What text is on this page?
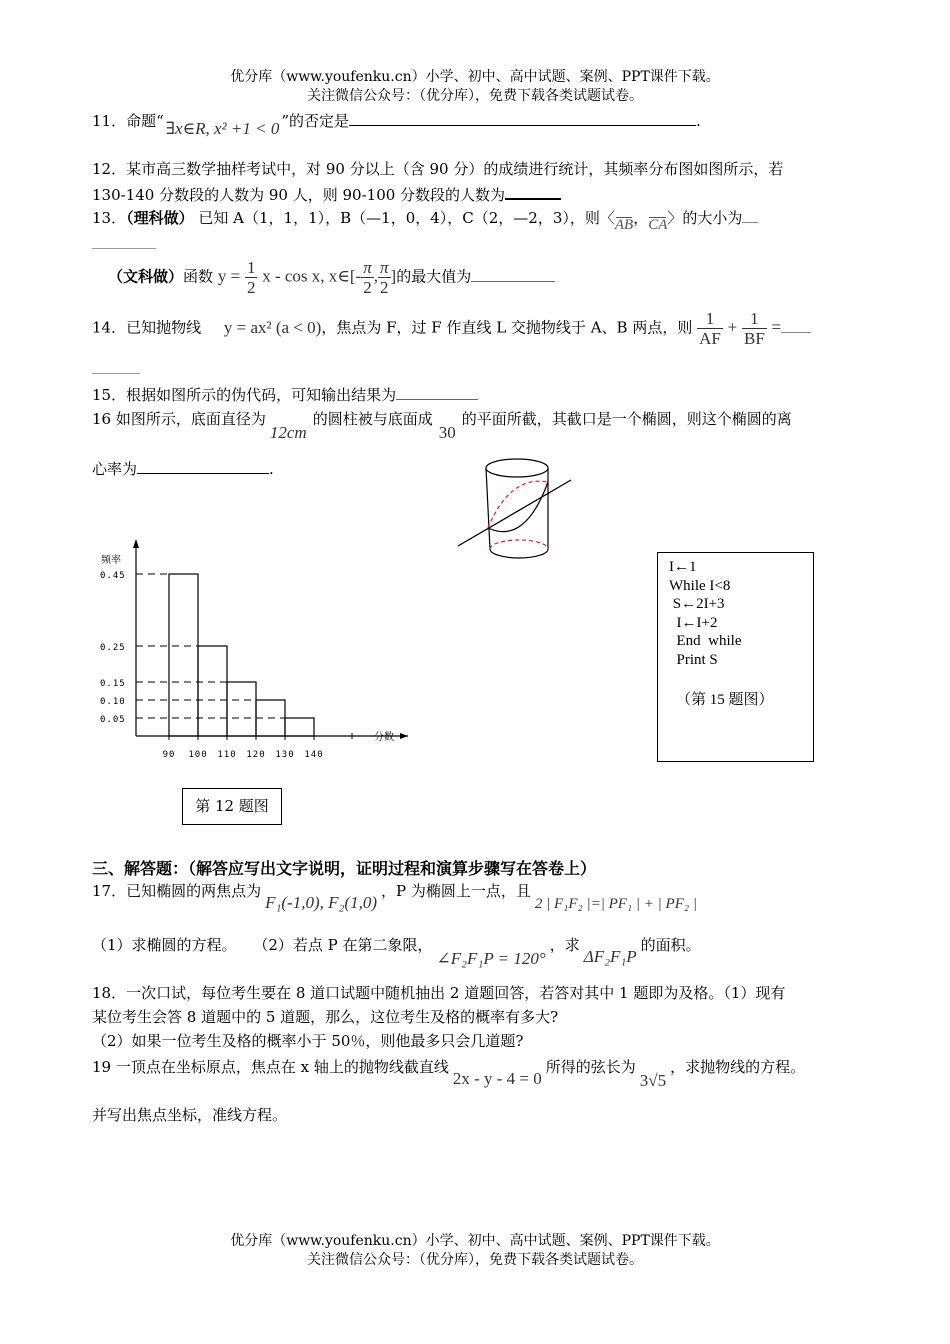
优分库（www.youfenku.cn）小学、初中、高中试题、案例、PPT课件下载。
关注微信公众号：（优分库），免费下载各类试题试卷。
11．命题“ ∃x∈R, x² +1 < 0 ”的否定是	.
12．某市高三数学抽样考试中，对 90 分以上（含 90 分）的成绩进行统计，其频率分布图如图所示，若
130-140 分数段的人数为 90 人，则 90-100 分数段的人数为
13．（理科做） 已知 A（1，1，1），B（—1，0，4），C（2，—2，3），则〈AB，CA〉的大小为
（文科做）函数 $y = \frac{1}{2}$ x - cos x, x∈[- $\frac{\pi}{2}$ , $\frac{\pi}{2}$ ]的最大值为
14．已知抛物线 y = ax² (a < 0)，焦点为 F，过 F 作直线 L 交抛物线于 A、B 两点，则 $\frac{1}{AF} + \frac{1}{BF}$ =
15．根据如图所示的伪代码，可知输出结果为
16 如图所示，底面直径为12cm的圆柱被与底面成30的平面所截，其截口是一个椭圆，则这个椭圆的离
心率为	.
频率
分数
0.45
0.25
0.15
0.10
0.05
90 100 110 120 130 140
第 12 题图
I←1
While I<8
S←2I+3
I←I+2
End  while
Print S
（第 15 题图）
三、解答题：（解答应写出文字说明，证明过程和演算步骤写在答卷上）
17．已知椭圆的两焦点为F₁(-1,0), F₂(1,0)，P 为椭圆上一点，且2 | F₁F₂ |=| PF₁ | + | PF₂ |
（1）求椭圆的方程。 （2）若点 P 在第二象限，∠F₂F₁P = 120°，求ΔF₂F₁P的面积。
18．一次口试，每位考生要在 8 道口试题中随机抽出 2 道题回答，若答对其中 1 题即为及格。（1）现有
某位考生会答 8 道题中的 5 道题，那么，这位考生及格的概率有多大?
（2）如果一位考生及格的概率小于 50％，则他最多只会几道题?
19 一顶点在坐标原点，焦点在 x 轴上的抛物线截直线2x - y - 4 = 0所得的弦长为3√5，求抛物线的方程。
并写出焦点坐标，准线方程。
优分库（www.youfenku.cn）小学、初中、高中试题、案例、PPT课件下载。
关注微信公众号：（优分库），免费下载各类试题试卷。
